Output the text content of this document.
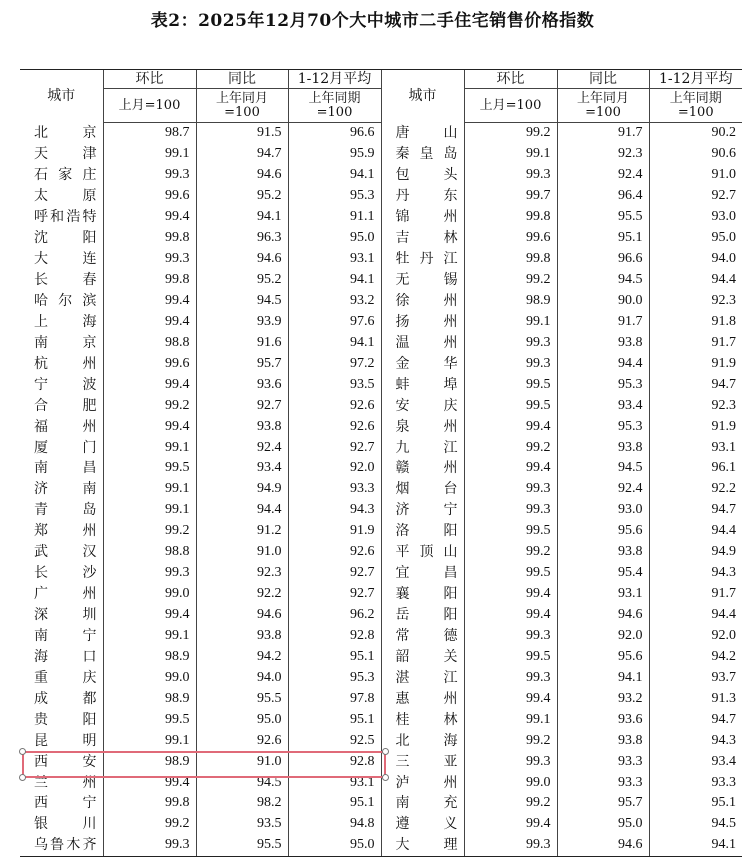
表2：2025年12月70个大中城市二手住宅销售价格指数
城市	环比	同比	1-12月平均	城市	环比	同比	1-12月平均
	上月=100	上年同月=100	上年同期=100		上月=100	上年同月=100	上年同期=100

北 京	98.7	91.5	96.6	唐 山	99.2	91.7	90.2

天 津	99.1	94.7	95.9	秦 皇 岛	99.1	92.3	90.6

石 家 庄	99.3	94.6	94.1	包 头	99.3	92.4	91.0

太 原	99.6	95.2	95.3	丹 东	99.7	96.4	92.7

呼和浩特	99.4	94.1	91.1	锦 州	99.8	95.5	93.0

沈 阳	99.8	96.3	95.0	吉 林	99.6	95.1	95.0

大 连	99.3	94.6	93.1	牡 丹 江	99.8	96.6	94.0

长 春	99.8	95.2	94.1	无 锡	99.2	94.5	94.4

哈 尔 滨	99.4	94.5	93.2	徐 州	98.9	90.0	92.3

上 海	99.4	93.9	97.6	扬 州	99.1	91.7	91.8

南 京	98.8	91.6	94.1	温 州	99.3	93.8	91.7

杭 州	99.6	95.7	97.2	金 华	99.3	94.4	91.9

宁 波	99.4	93.6	93.5	蚌 埠	99.5	95.3	94.7

合 肥	99.2	92.7	92.6	安 庆	99.5	93.4	92.3

福 州	99.4	93.8	92.6	泉 州	99.4	95.3	91.9

厦 门	99.1	92.4	92.7	九 江	99.2	93.8	93.1

南 昌	99.5	93.4	92.0	赣 州	99.4	94.5	96.1

济 南	99.1	94.9	93.3	烟 台	99.3	92.4	92.2

青 岛	99.1	94.4	94.3	济 宁	99.3	93.0	94.7

郑 州	99.2	91.2	91.9	洛 阳	99.5	95.6	94.4

武 汉	98.8	91.0	92.6	平 顶 山	99.2	93.8	94.9

长 沙	99.3	92.3	92.7	宜 昌	99.5	95.4	94.3

广 州	99.0	92.2	92.7	襄 阳	99.4	93.1	91.7

深 圳	99.4	94.6	96.2	岳 阳	99.4	94.6	94.4

南 宁	99.1	93.8	92.8	常 德	99.3	92.0	92.0

海 口	98.9	94.2	95.1	韶 关	99.5	95.6	94.2

重 庆	99.0	94.0	95.3	湛 江	99.3	94.1	93.7

成 都	98.9	95.5	97.8	惠 州	99.4	93.2	91.3

贵 阳	99.5	95.0	95.1	桂 林	99.1	93.6	94.7

昆 明	99.1	92.6	92.5	北 海	99.2	93.8	94.3

西 安	98.9	91.0	92.8	三 亚	99.3	93.3	93.4

兰 州	99.4	94.5	93.1	泸 州	99.0	93.3	93.3

西 宁	99.8	98.2	95.1	南 充	99.2	95.7	95.1

银 川	99.2	93.5	94.8	遵 义	99.4	95.0	94.5

乌鲁木齐	99.3	95.5	95.0	大 理	99.3	94.6	94.1
